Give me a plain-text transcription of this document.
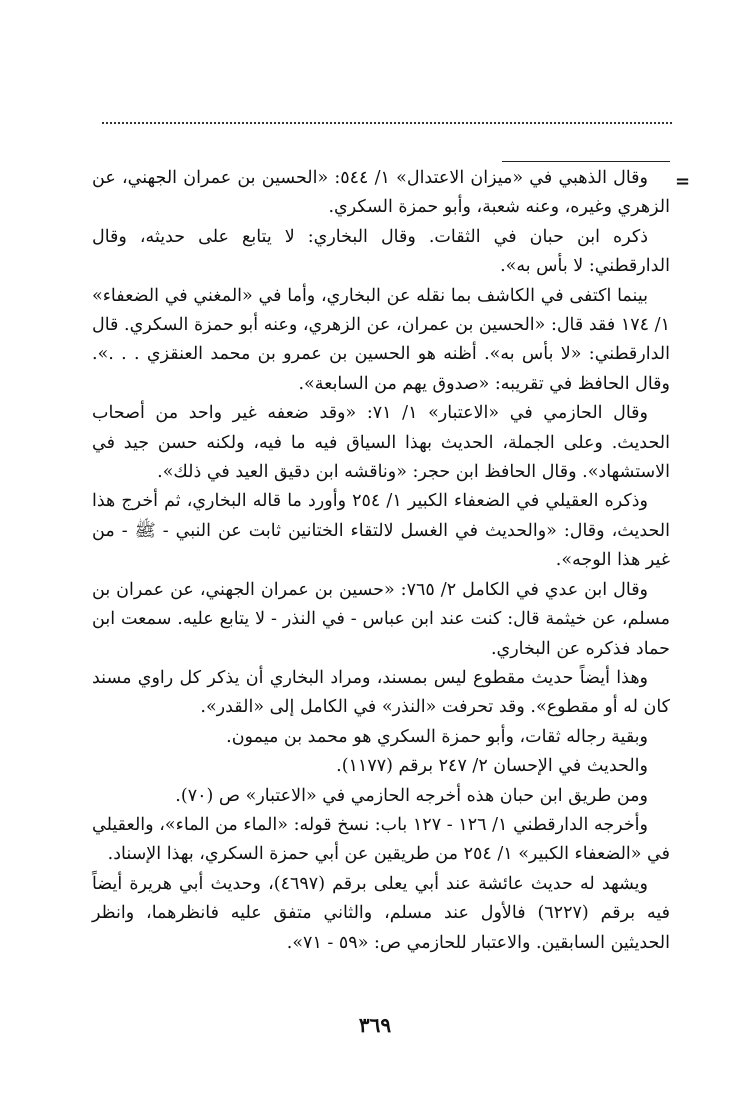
=

وقال الذهبي في «ميزان الاعتدال» ١/ ٥٤٤: «الحسين بن عمران الجهني، عن الزهري وغيره، وعنه شعبة، وأبو حمزة السكري.

ذكره ابن حبان في الثقات. وقال البخاري: لا يتابع على حديثه، وقال الدارقطني: لا بأس به».

بينما اكتفى في الكاشف بما نقله عن البخاري، وأما في «المغني في الضعفاء» ١/ ١٧٤ فقد قال: «الحسين بن عمران، عن الزهري، وعنه أبو حمزة السكري. قال الدارقطني: «لا بأس به». أظنه هو الحسين بن عمرو بن محمد العنقزي . . .». وقال الحافظ في تقريبه: «صدوق يهم من السابعة».

وقال الحازمي في «الاعتبار» ١/ ٧١: «وقد ضعفه غير واحد من أصحاب الحديث. وعلى الجملة، الحديث بهذا السياق فيه ما فيه، ولكنه حسن جيد في الاستشهاد». وقال الحافظ ابن حجر: «وناقشه ابن دقيق العيد في ذلك».

وذكره العقيلي في الضعفاء الكبير ١/ ٢٥٤ وأورد ما قاله البخاري، ثم أخرج هذا الحديث، وقال: «والحديث في الغسل لالتقاء الختانين ثابت عن النبي - ﷺ - من غير هذا الوجه».

وقال ابن عدي في الكامل ٢/ ٧٦٥: «حسين بن عمران الجهني، عن عمران بن مسلم، عن خيثمة قال: كنت عند ابن عباس - في النذر - لا يتابع عليه. سمعت ابن حماد فذكره عن البخاري.

وهذا أيضاً حديث مقطوع ليس بمسند، ومراد البخاري أن يذكر كل راوي مسند كان له أو مقطوع». وقد تحرفت «النذر» في الكامل إلى «القدر».

وبقية رجاله ثقات، وأبو حمزة السكري هو محمد بن ميمون.

والحديث في الإحسان ٢/ ٢٤٧ برقم (١١٧٧).

ومن طريق ابن حبان هذه أخرجه الحازمي في «الاعتبار» ص (٧٠).

وأخرجه الدارقطني ١/ ١٢٦ - ١٢٧ باب: نسخ قوله: «الماء من الماء»، والعقيلي في «الضعفاء الكبير» ١/ ٢٥٤ من طريقين عن أبي حمزة السكري، بهذا الإسناد.

ويشهد له حديث عائشة عند أبي يعلى برقم (٤٦٩٧)، وحديث أبي هريرة أيضاً فيه برقم (٦٢٢٧) فالأول عند مسلم، والثاني متفق عليه فانظرهما، وانظر الحديثين السابقين. والاعتبار للحازمي ص: «٥٩ - ٧١».

٣٦٩
